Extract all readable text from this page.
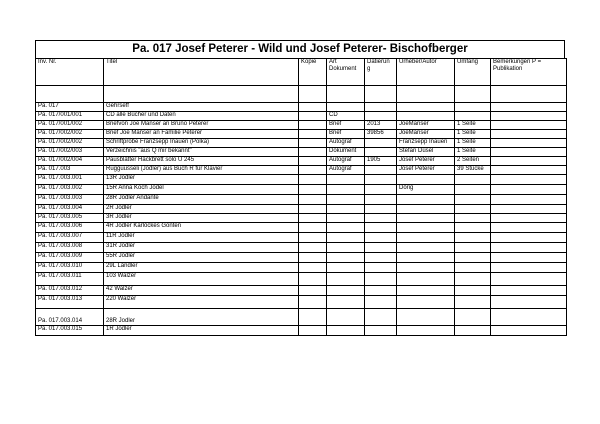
Pa. 017 Josef Peterer - Wild und Josef Peterer- Bischofberger
Inv. Nr.	Titel	Kopie	Art Dokument	Datierun g	Urheber/Autor	Umfang	Bemerkungen P = Publikation

Pa. 017	Gehrseff						
Pa. 017/001/001	CD alle Bücher und Daten		CD				
Pa. 017/001/002	Briefvon Joe Manser an Bruno Peterer		Brief	2013	JoeManser	1 Seite	
Pa. 017/002/002	Brief Joe Manser an Familie Peterer		Brief	39856	JoeManser	1 Seite	
Pa. 017/002/002	Schriftprobe Franzsepp Inauen (Polka)		Autograf		Franzsepp Inauen	1 Seite	
Pa. 017/002/003	Verzeichnis "aus Q mir bekannt"		Dokument		Stefan Düsel	1 Seite	
Pa. 017/002/004	Pausblätter Hackbrett solo U 245		Autograf	1905	Josef Peterer	2 Seiten	
Pa. 017.003	Rugguusseli (Jodler) aus Buch R für Klavier		Autograf		Josef Peterer	39 Stücke	
Pa. 017.003.001	13R Jodler						
Pa. 017.003.002	15R Anna Koch Jodel				Dörig		
Pa. 017.003.003	28R Jodler Andante						
Pa. 017.003.004	2R Jodler						
Pa. 017.003.005	3R Jodler						
Pa. 017.003.006	4R Jodler Karlöckes Gonten						
Pa. 017.003.007	11R Jodler						
Pa. 017.003.008	31R Jodler						
Pa. 017.003.009	55R Jodler						
Pa. 017.003.010	29L Ländler						
Pa. 017.003.011	103 Walzer						
Pa. 017.003.012	42 Walzer						
Pa. 017.003.013	220 Walzer						
Pa. 017.003.014	28R Jodler						
Pa. 017.003.015	1R Jodler						
